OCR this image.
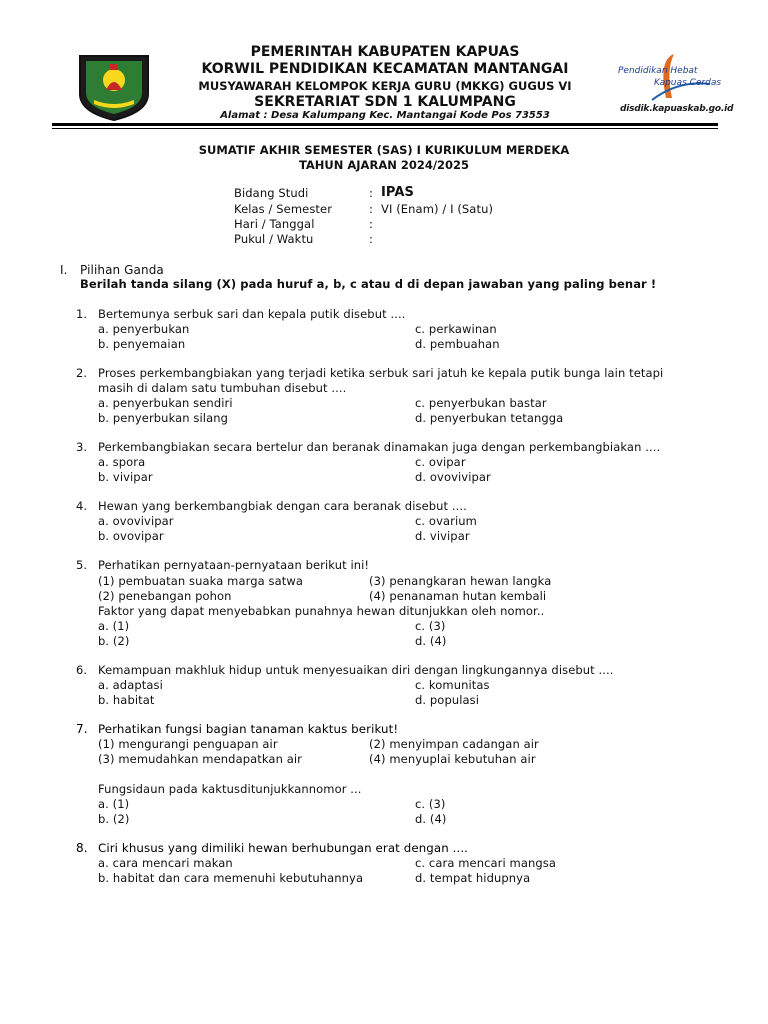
PEMERINTAH KABUPATEN KAPUAS
KORWIL PENDIDIKAN KECAMATAN MANTANGAI
MUSYAWARAH KELOMPOK KERJA GURU (MKKG) GUGUS VI
SEKRETARIAT SDN 1 KALUMPANG
Alamat : Desa Kalumpang Kec. Mantangai Kode Pos 73553
Pendidikan Hebat
Kapuas Cerdas
disdik.kapuaskab.go.id
SUMATIF AKHIR SEMESTER (SAS) I KURIKULUM MERDEKA
TAHUN AJARAN 2024/2025
Bidang Studi	: IPAS
Kelas / Semester	: VI (Enam) / I (Satu)
Hari / Tanggal	:
Pukul / Waktu	:
I. Pilihan Ganda
Berilah tanda silang (X) pada huruf a, b, c atau d di depan jawaban yang paling benar !
1. Bertemunya serbuk sari dan kepala putik disebut ....
a. penyerbukan
b. penyemaian
c. perkawinan
d. pembuahan
2. Proses perkembangbiakan yang terjadi ketika serbuk sari jatuh ke kepala putik bunga lain tetapi
masih di dalam satu tumbuhan disebut ....
a. penyerbukan sendiri
b. penyerbukan silang
c. penyerbukan bastar
d. penyerbukan tetangga
3. Perkembangbiakan secara bertelur dan beranak dinamakan juga dengan perkembangbiakan ....
a. spora
b. vivipar
c. ovipar
d. ovovivipar
4. Hewan yang berkembangbiak dengan cara beranak disebut ....
a. ovovivipar
b. ovovipar
c. ovarium
d. vivipar
5. Perhatikan pernyataan-pernyataan berikut ini!
(1) pembuatan suaka marga satwa	(3) penangkaran hewan langka
(2) penebangan pohon	(4) penanaman hutan kembali
Faktor yang dapat menyebabkan punahnya hewan ditunjukkan oleh nomor..
a. (1)
b. (2)
c. (3)
d. (4)
6. Kemampuan makhluk hidup untuk menyesuaikan diri dengan lingkungannya disebut ....
a. adaptasi
b. habitat
c. komunitas
d. populasi
7. Perhatikan fungsi bagian tanaman kaktus berikut!
(1) mengurangi penguapan air	(2) menyimpan cadangan air
(3) memudahkan mendapatkan air	(4) menyuplai kebutuhan air
Fungsidaun pada kaktusditunjukkannomor ...
a. (1)
b. (2)
c. (3)
d. (4)
8. Ciri khusus yang dimiliki hewan berhubungan erat dengan ....
a. cara mencari makan
b. habitat dan cara memenuhi kebutuhannya
c. cara mencari mangsa
d. tempat hidupnya
